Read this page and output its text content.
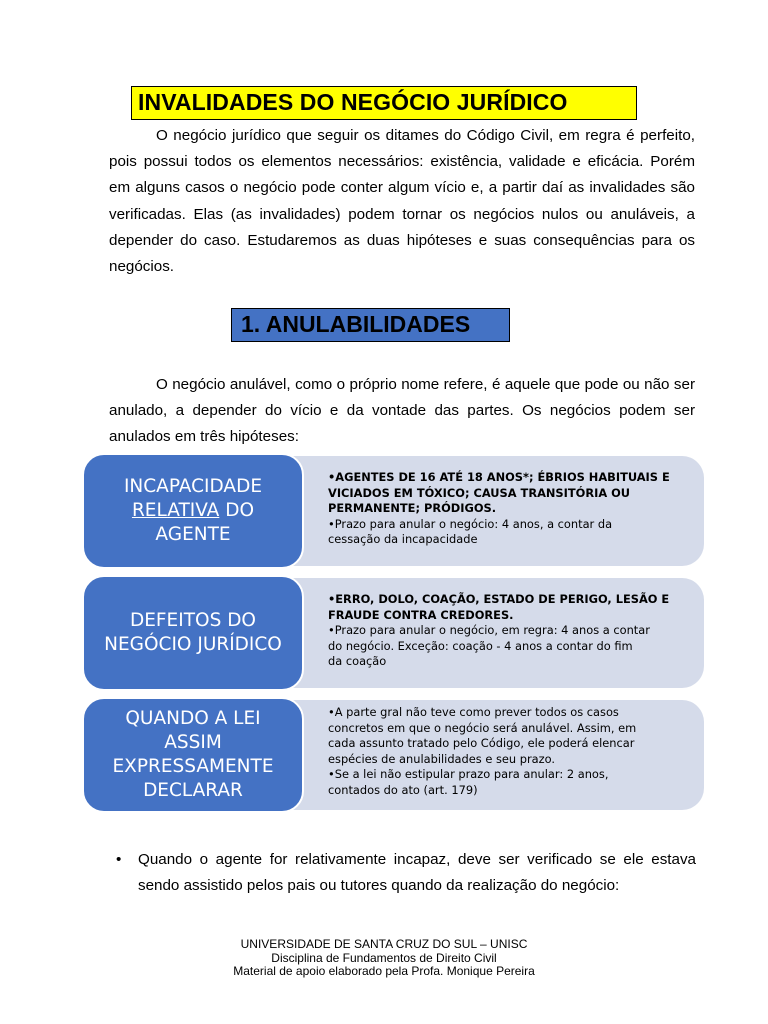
INVALIDADES DO NEGÓCIO JURÍDICO
O negócio jurídico que seguir os ditames do Código Civil, em regra é perfeito,
pois possui todos os elementos necessários: existência, validade e eficácia. Porém
em alguns casos o negócio pode conter algum vício e, a partir daí as invalidades são
verificadas. Elas (as invalidades) podem tornar os negócios nulos ou anuláveis, a
depender do caso. Estudaremos as duas hipóteses e suas consequências para os
negócios.
1. ANULABILIDADES
O negócio anulável, como o próprio nome refere, é aquele que pode ou não ser
anulado, a depender do vício e da vontade das partes. Os negócios podem ser
anulados em três hipóteses:
INCAPACIDADE
RELATIVA DO
AGENTE
•AGENTES DE 16 ATÉ 18 ANOS*; ÉBRIOS HABITUAIS E
VICIADOS EM TÓXICO; CAUSA TRANSITÓRIA OU
PERMANENTE; PRÓDIGOS.
•Prazo para anular o negócio: 4 anos, a contar da
cessação da incapacidade
DEFEITOS DO
NEGÓCIO JURÍDICO
•ERRO, DOLO, COAÇÃO, ESTADO DE PERIGO, LESÃO E
FRAUDE CONTRA CREDORES.
•Prazo para anular o negócio, em regra: 4 anos a contar
do negócio. Exceção: coação - 4 anos a contar do fim
da coação
QUANDO A LEI
ASSIM
EXPRESSAMENTE
DECLARAR
•A parte gral não teve como prever todos os casos
concretos em que o negócio será anulável. Assim, em
cada assunto tratado pelo Código, ele poderá elencar
espécies de anulabilidades e seu prazo.
•Se a lei não estipular prazo para anular: 2 anos,
contados do ato (art. 179)
• Quando o agente for relativamente incapaz, deve ser verificado se ele estava
sendo assistido pelos pais ou tutores quando da realização do negócio:
UNIVERSIDADE DE SANTA CRUZ DO SUL – UNISC
Disciplina de Fundamentos de Direito Civil
Material de apoio elaborado pela Profa. Monique Pereira
